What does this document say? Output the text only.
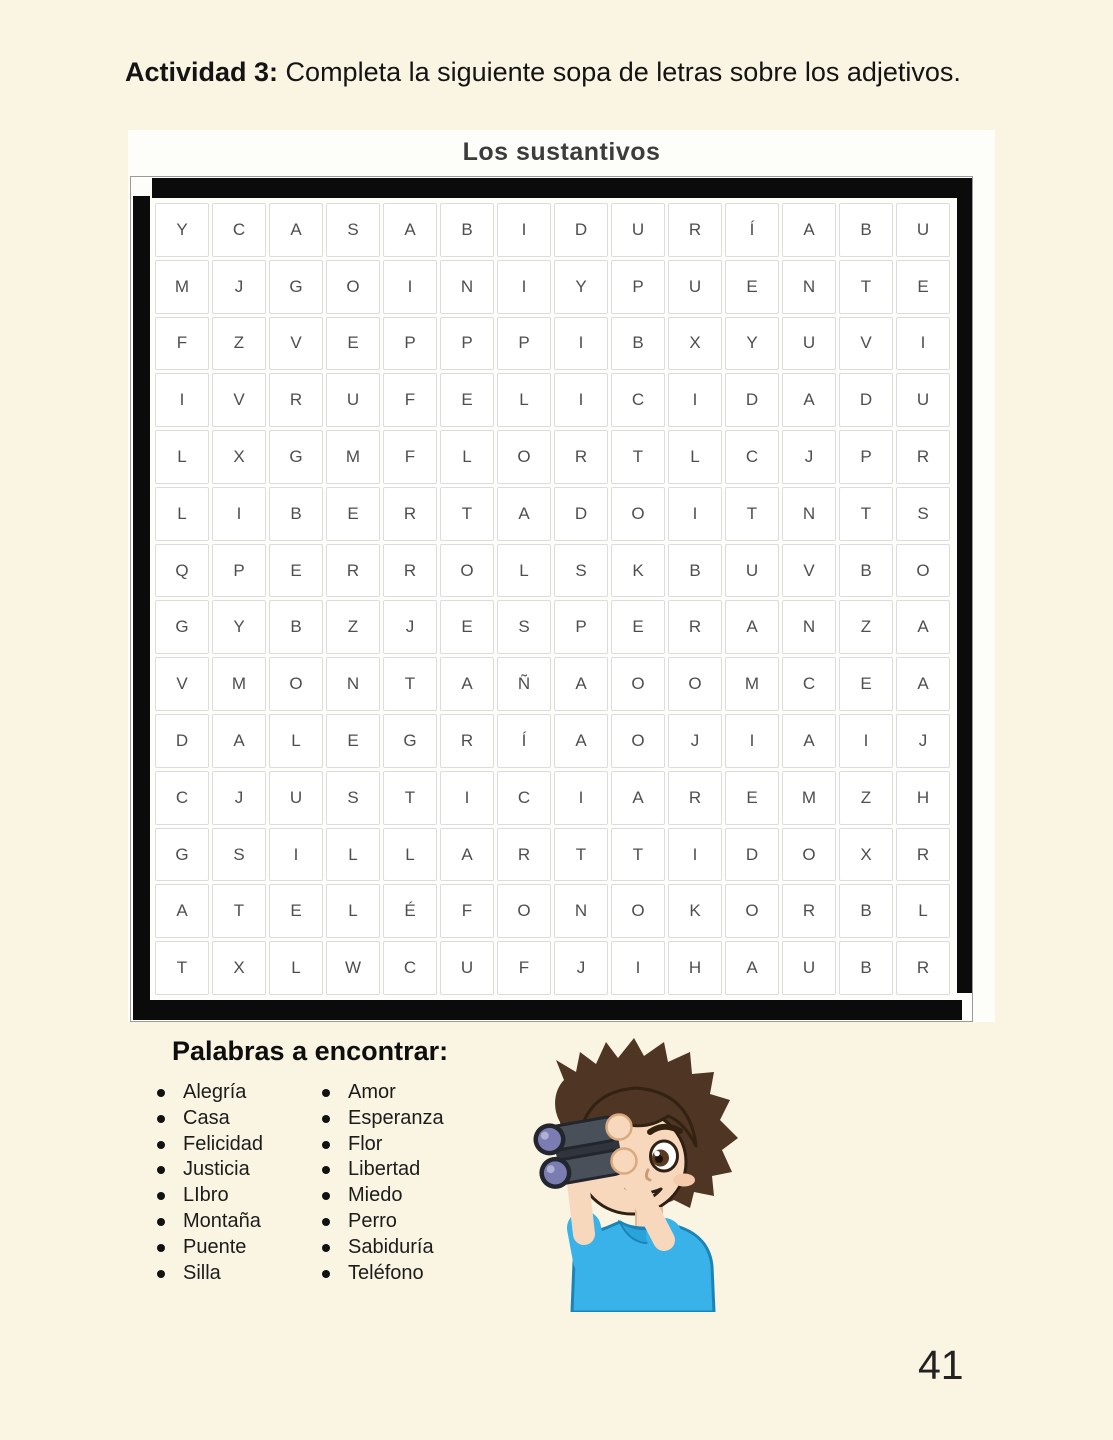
Actividad 3: Completa la siguiente sopa de letras sobre los adjetivos.

Los sustantivos
Y	C	A	S	A	B	I	D	U	R	Í	A	B	U
M	J	G	O	I	N	I	Y	P	U	E	N	T	E
F	Z	V	E	P	P	P	I	B	X	Y	U	V	I
I	V	R	U	F	E	L	I	C	I	D	A	D	U
L	X	G	M	F	L	O	R	T	L	C	J	P	R
L	I	B	E	R	T	A	D	O	I	T	N	T	S
Q	P	E	R	R	O	L	S	K	B	U	V	B	O
G	Y	B	Z	J	E	S	P	E	R	A	N	Z	A
V	M	O	N	T	A	Ñ	A	O	O	M	C	E	A
D	A	L	E	G	R	Í	A	O	J	I	A	I	J
C	J	U	S	T	I	C	I	A	R	E	M	Z	H
G	S	I	L	L	A	R	T	T	I	D	O	X	R
A	T	E	L	É	F	O	N	O	K	O	R	B	L
T	X	L	W	C	U	F	J	I	H	A	U	B	R
Palabras a encontrar:
Alegría
Casa
Felicidad
Justicia
LIbro
Montaña
Puente
Silla
Amor
Esperanza
Flor
Libertad
Miedo
Perro
Sabiduría
Teléfono
41
